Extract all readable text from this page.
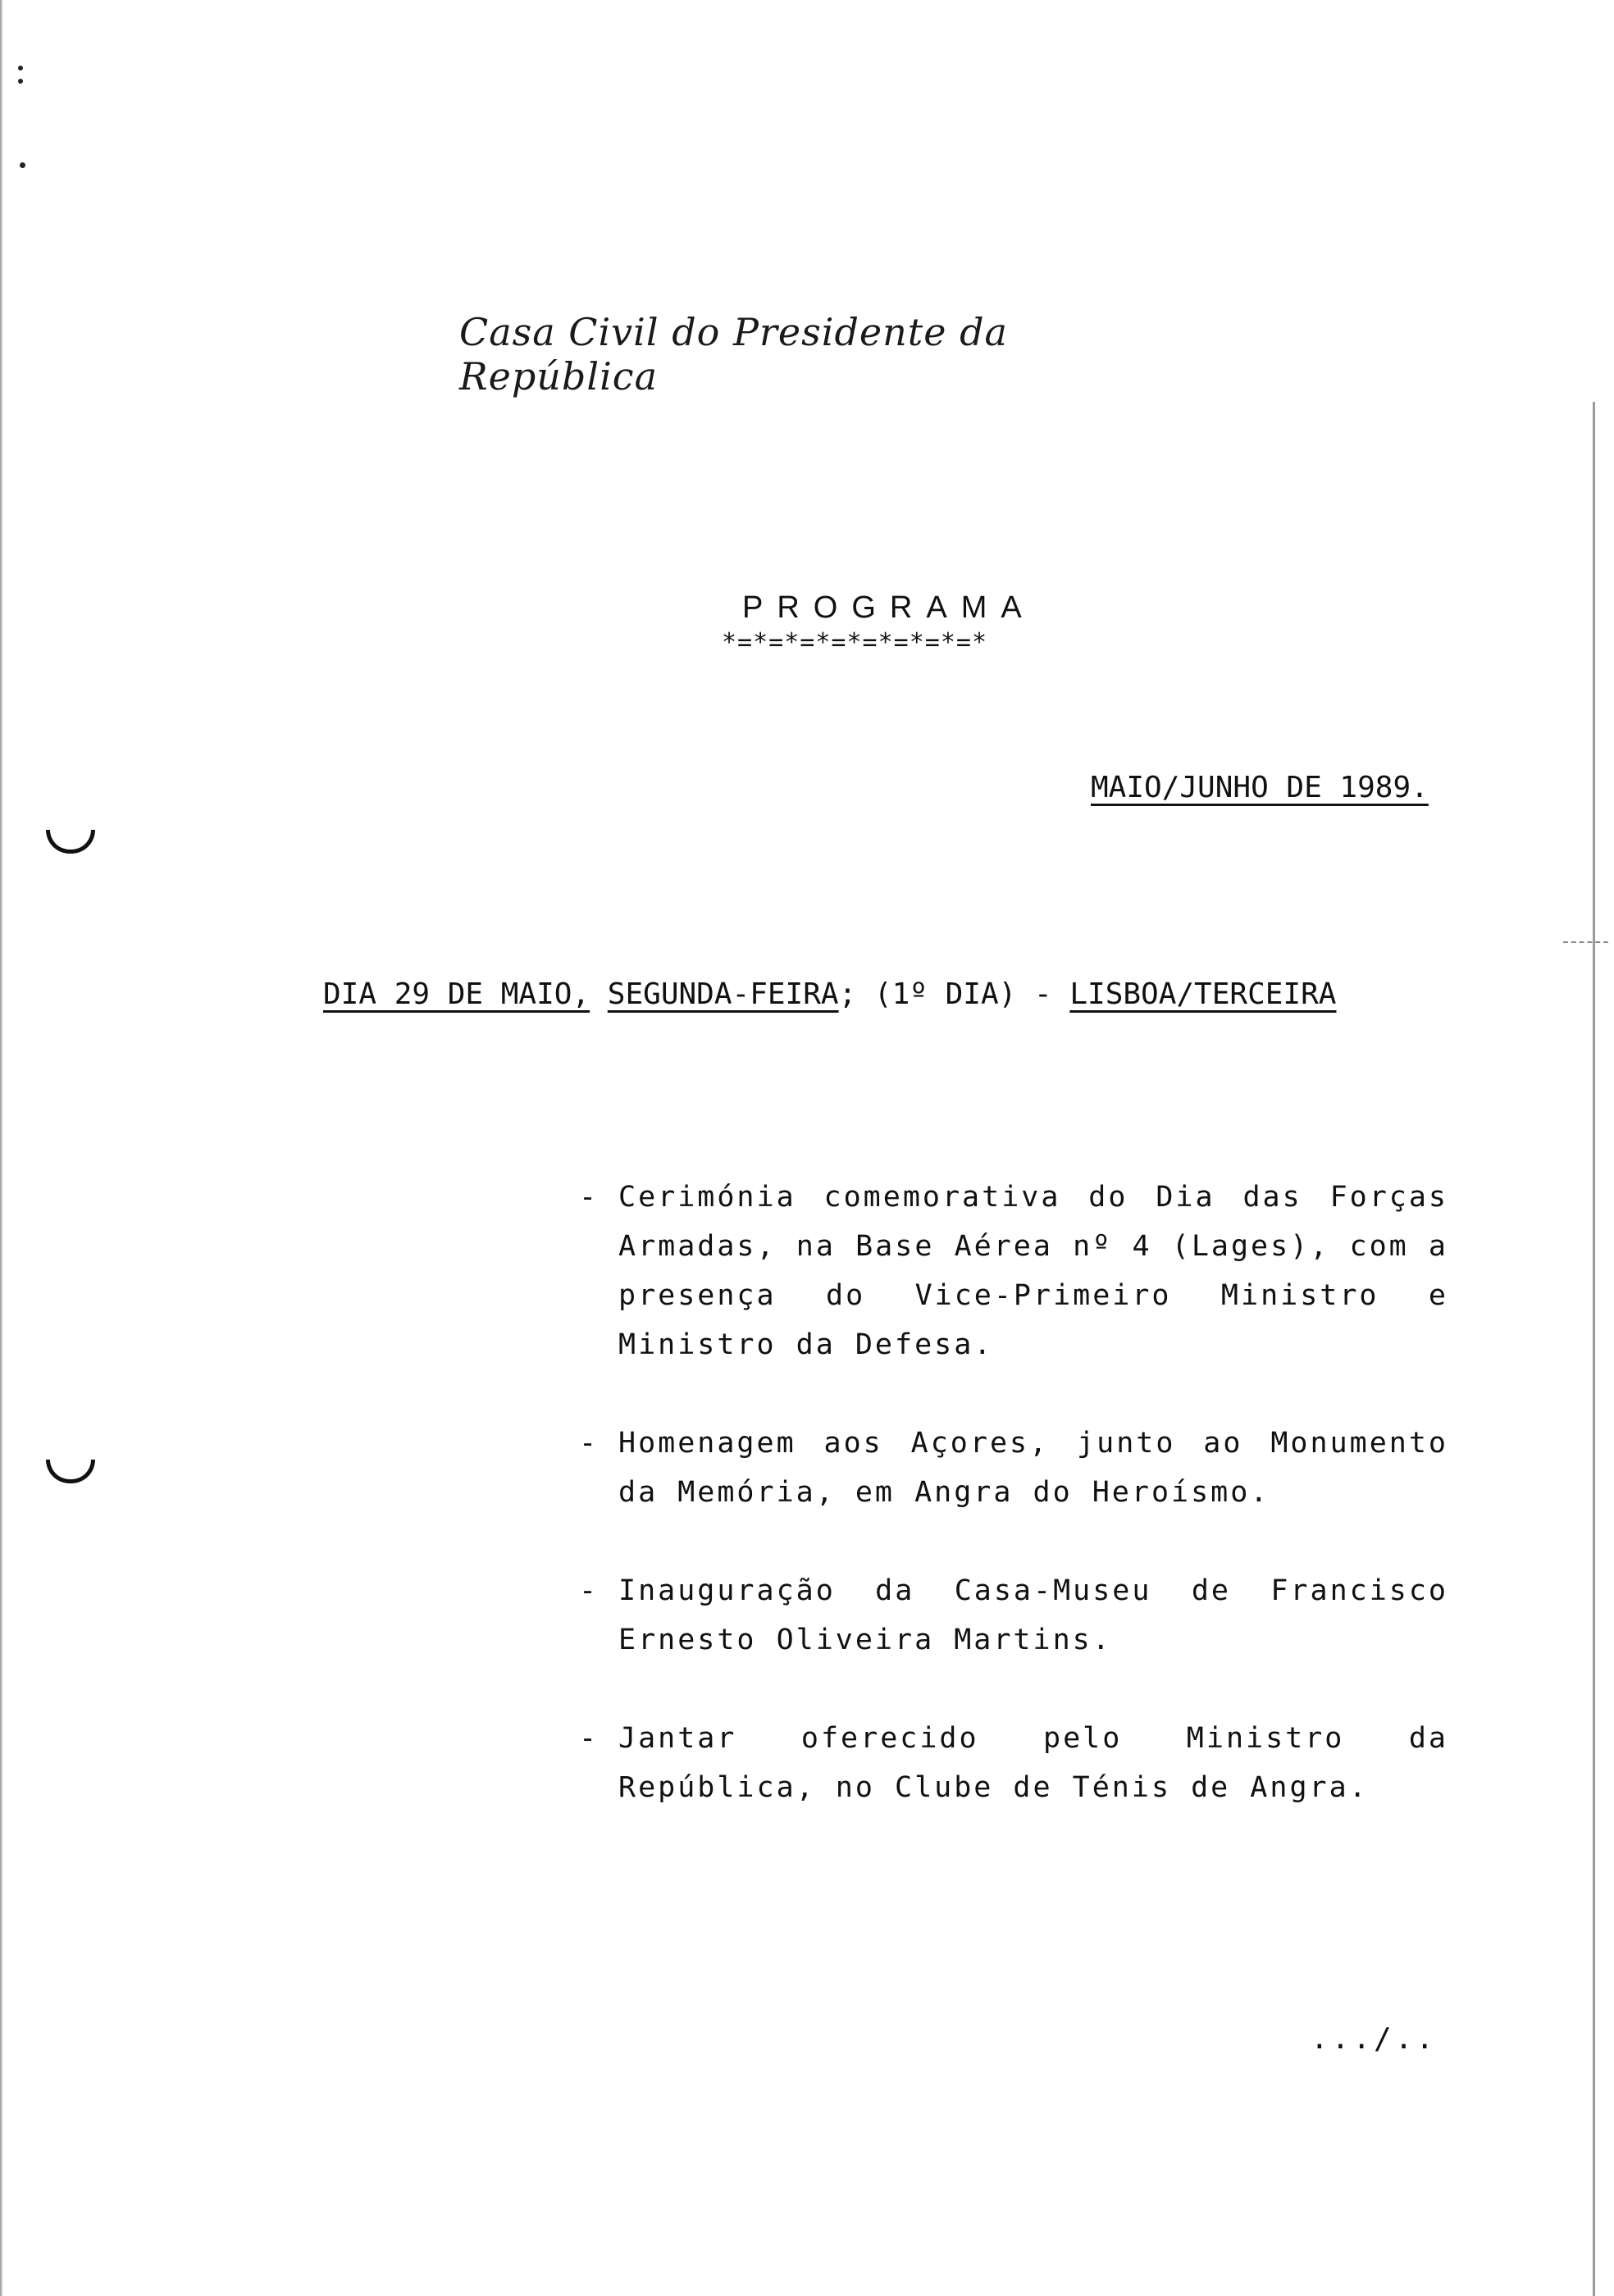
Casa Civil do Presidente da República
PROGRAMA
*=*=*=*=*=*=*=*=*
MAIO/JUNHO DE 1989.
DIA 29 DE MAIO, SEGUNDA-FEIRA; (1º DIA) - LISBOA/TERCEIRA
- Cerimónia comemorativa do Dia das Forças Armadas, na Base Aérea nº 4 (Lages), com a presença do Vice-Primeiro Ministro e Ministro da Defesa.
- Homenagem aos Açores, junto ao Monumento da Memória, em Angra do Heroísmo.
- Inauguração da Casa-Museu de Francisco Ernesto Oliveira Martins.
- Jantar oferecido pelo Ministro da República, no Clube de Ténis de Angra.
.../..
